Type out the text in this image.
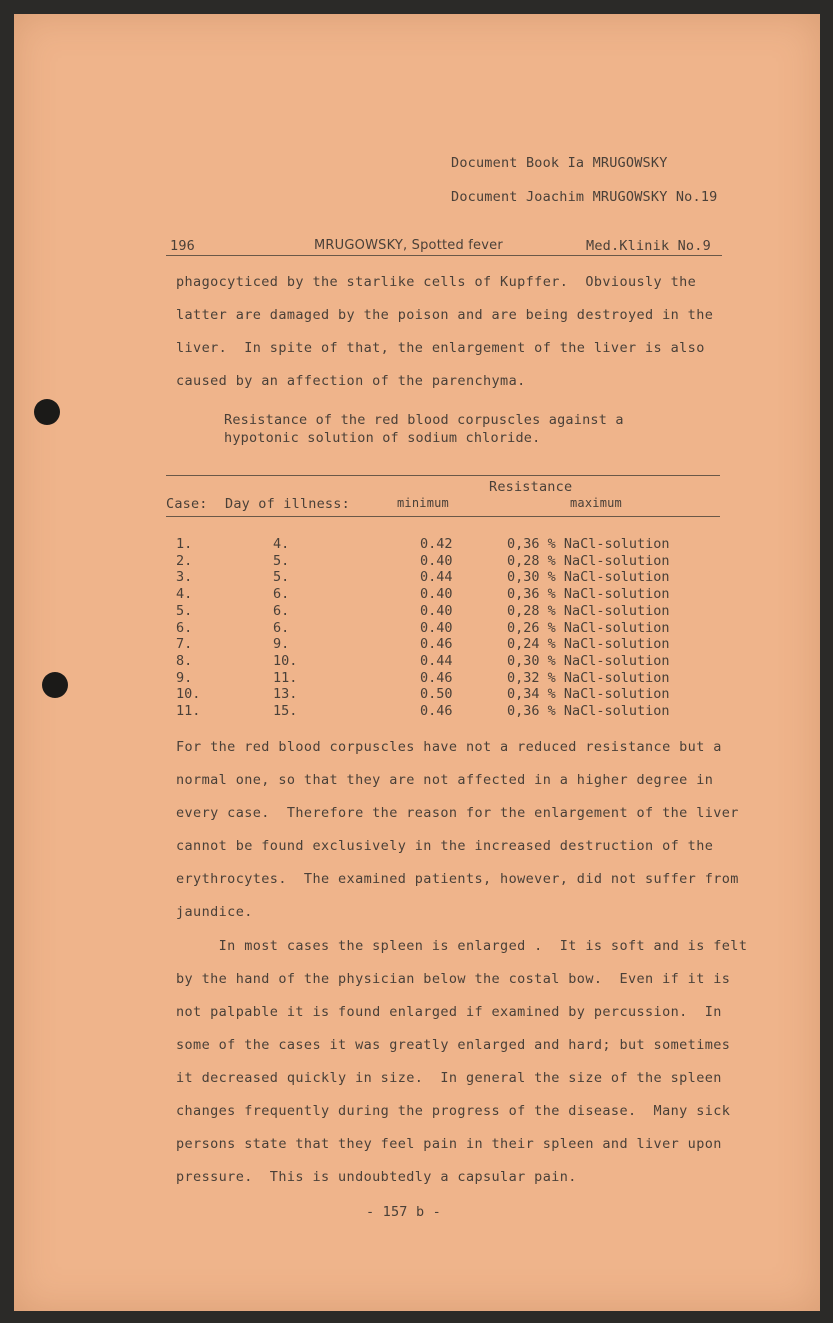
Document Book Ia MRUGOWSKY
Document Joachim MRUGOWSKY No.19
196	MRUGOWSKY, Spotted fever	Med.Klinik No.9
phagocyticed by the starlike cells of Kupffer.  Obviously the
latter are damaged by the poison and are being destroyed in the
liver.  In spite of that, the enlargement of the liver is also
caused by an affection of the parenchyma.
Resistance of the red blood corpuscles against a
hypotonic solution of sodium chloride.
Resistance
Case: Day of illness:	minimum	maximum
1.	4.	0.42	0,36 % NaCl-solution
2.	5.	0.40	0,28 % NaCl-solution
3.	5.	0.44	0,30 % NaCl-solution
4.	6.	0.40	0,36 % NaCl-solution
5.	6.	0.40	0,28 % NaCl-solution
6.	6.	0.40	0,26 % NaCl-solution
7.	9.	0.46	0,24 % NaCl-solution
8.	10.	0.44	0,30 % NaCl-solution
9.	11.	0.46	0,32 % NaCl-solution
10.	13.	0.50	0,34 % NaCl-solution
11.	15.	0.46	0,36 % NaCl-solution
For the red blood corpuscles have not a reduced resistance but a
normal one, so that they are not affected in a higher degree in
every case.  Therefore the reason for the enlargement of the liver
cannot be found exclusively in the increased destruction of the
erythrocytes.  The examined patients, however, did not suffer from
jaundice.
In most cases the spleen is enlarged .  It is soft and is felt
by the hand of the physician below the costal bow.  Even if it is
not palpable it is found enlarged if examined by percussion.  In
some of the cases it was greatly enlarged and hard; but sometimes
it decreased quickly in size.  In general the size of the spleen
changes frequently during the progress of the disease.  Many sick
persons state that they feel pain in their spleen and liver upon
pressure.  This is undoubtedly a capsular pain.
- 157 b -
